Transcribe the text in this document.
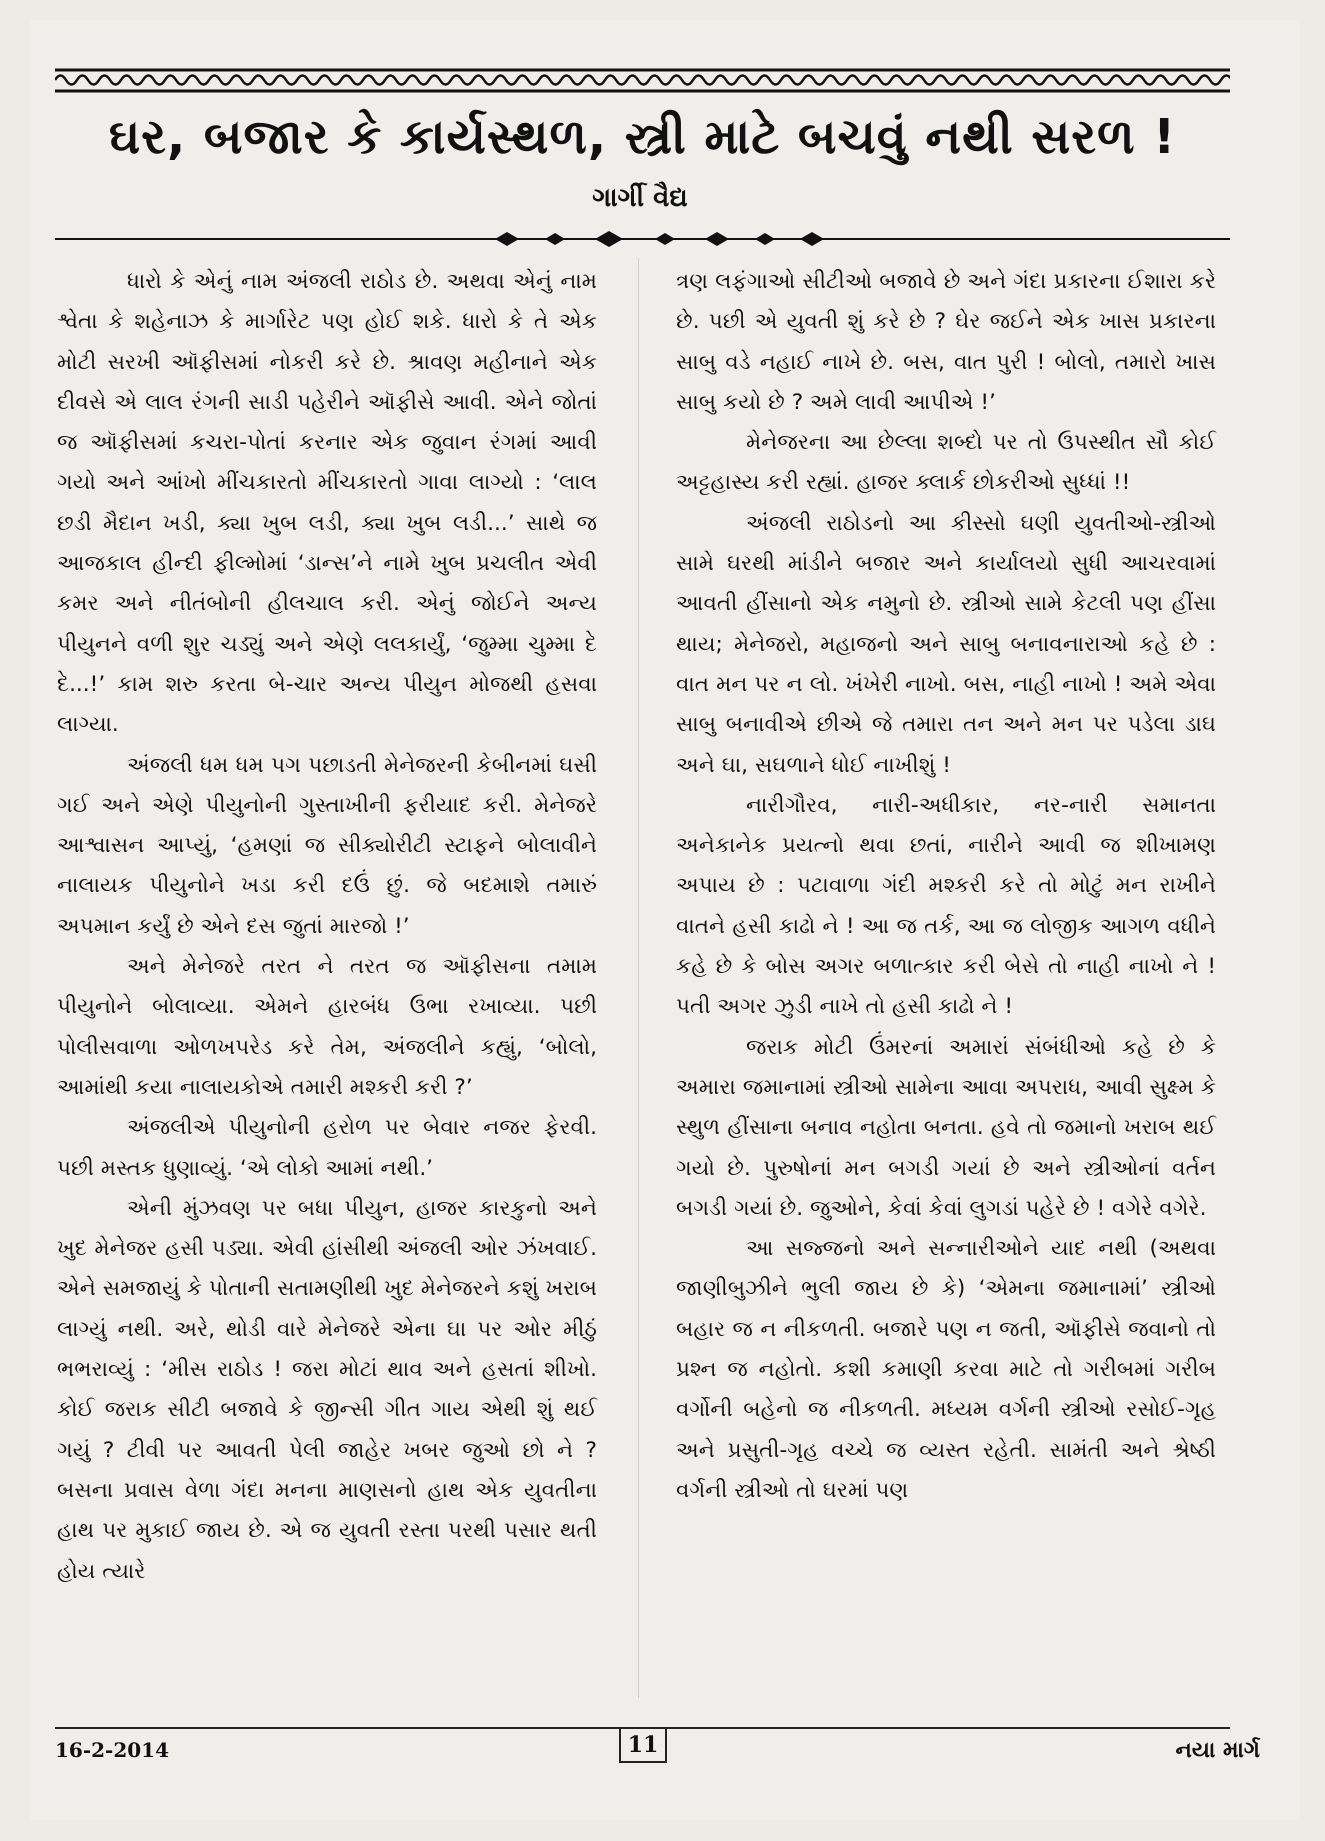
ઘર, બજાર કે કાર્યસ્થળ, સ્ત્રી માટે બચવું નથી સરળ !
ગાર્ગી વૈદ્ય

ધારો કે એનું નામ અંજલી રાઠોડ છે. અથવા એનું નામ શ્વેતા કે શહેનાઝ કે માર્ગારેટ પણ હોઈ શકે. ધારો કે તે એક મોટી સરખી ઑફીસમાં નોકરી કરે છે. શ્રાવણ મહીનાને એક દીવસે એ લાલ રંગની સાડી પહેરીને ઑફીસે આવી. એને જોતાં જ ઑફીસમાં કચરા-પોતાં કરનાર એક જુવાન રંગમાં આવી ગયો અને આંખો મીંચકારતો મીંચકારતો ગાવા લાગ્યો : ‘લાલ છડી મૈદાન ખડી, ક્યા ખુબ લડી, ક્યા ખુબ લડી...’ સાથે જ આજકાલ હીન્દી ફીલ્મોમાં ‘ડાન્સ’ને નામે ખુબ પ્રચલીત એવી કમર અને નીતંબોની હીલચાલ કરી. એનું જોઈને અન્ય પીયુનને વળી શુર ચડ્યું અને એણે લલકાર્યું, ‘જુમ્મા ચુમ્મા દે દે...!’ કામ શરુ કરતા બે-ચાર અન્ય પીયુન મોજથી હસવા લાગ્યા.

અંજલી ધમ ધમ પગ પછાડતી મેનેજરની કેબીનમાં ઘસી ગઈ અને એણે પીયુનોની ગુસ્તાખીની ફરીયાદ કરી. મેનેજરે આશ્વાસન આપ્યું, ‘હમણાં જ સીક્યોરીટી સ્ટાફને બોલાવીને નાલાયક પીયુનોને ખડા કરી દઉં છું. જે બદમાશે તમારું અપમાન કર્યું છે એને દસ જુતાં મારજો !’

અને મેનેજરે તરત ને તરત જ ઑફીસના તમામ પીયુનોને બોલાવ્યા. એમને હારબંધ ઉભા રખાવ્યા. પછી પોલીસવાળા ઓળખપરેડ કરે તેમ, અંજલીને કહ્યું, ‘બોલો, આમાંથી કયા નાલાયકોએ તમારી મશ્કરી કરી ?’

અંજલીએ પીયુનોની હરોળ પર બેવાર નજર ફેરવી. પછી મસ્તક ધુણાવ્યું. ‘એ લોકો આમાં નથી.’

એની મુંઝવણ પર બધા પીયુન, હાજર કારકુનો અને ખુદ મેનેજર હસી પડ્યા. એવી હાંસીથી અંજલી ઓર ઝંખવાઈ. એને સમજાયું કે પોતાની સતામણીથી ખુદ મેનેજરને કશું ખરાબ લાગ્યું નથી. અરે, થોડી વારે મેનેજરે એના ઘા પર ઓર મીઠું ભભરાવ્યું : ‘મીસ રાઠોડ ! જરા મોટાં થાવ અને હસતાં શીખો. કોઈ જરાક સીટી બજાવે કે જીન્સી ગીત ગાય એથી શું થઈ ગયું ? ટીવી પર આવતી પેલી જાહેર ખબર જુઓ છો ને ? બસના પ્રવાસ વેળા ગંદા મનના માણસનો હાથ એક યુવતીના હાથ પર મુકાઈ જાય છે. એ જ યુવતી રસ્તા પરથી પસાર થતી હોય ત્યારે

ત્રણ લફંગાઓ સીટીઓ બજાવે છે અને ગંદા પ્રકારના ઈશારા કરે છે. પછી એ યુવતી શું કરે છે ? ઘેર જઈને એક ખાસ પ્રકારના સાબુ વડે નહાઈ નાખે છે. બસ, વાત પુરી ! બોલો, તમારો ખાસ સાબુ કયો છે ? અમે લાવી આપીએ !’

મેનેજરના આ છેલ્લા શબ્દો પર તો ઉપસ્થીત સૌ કોઈ અટ્ટહાસ્ય કરી રહ્યાં. હાજર ક્લાર્ક છોકરીઓ સુધ્ધાં !!

અંજલી રાઠોડનો આ કીસ્સો ઘણી યુવતીઓ-સ્ત્રીઓ સામે ઘરથી માંડીને બજાર અને કાર્યાલયો સુધી આચરવામાં આવતી હીંસાનો એક નમુનો છે. સ્ત્રીઓ સામે કેટલી પણ હીંસા થાય; મેનેજરો, મહાજનો અને સાબુ બનાવનારાઓ કહે છે : વાત મન પર ન લો. ખંખેરી નાખો. બસ, નાહી નાખો ! અમે એવા સાબુ બનાવીએ છીએ જે તમારા તન અને મન પર પડેલા ડાઘ અને ઘા, સઘળાને ધોઈ નાખીશું !

નારીગૌરવ, નારી-અધીકાર, નર-નારી સમાનતા અનેકાનેક પ્રયત્નો થવા છતાં, નારીને આવી જ શીખામણ અપાય છે : પટાવાળા ગંદી મશ્કરી કરે તો મોટું મન રાખીને વાતને હસી કાઢો ને ! આ જ તર્ક, આ જ લોજીક આગળ વધીને કહે છે કે બોસ અગર બળાત્કાર કરી બેસે તો નાહી નાખો ને ! પતી અગર ઝુડી નાખે તો હસી કાઢો ને !

જરાક મોટી ઉંમરનાં અમારાં સંબંધીઓ કહે છે કે અમારા જમાનામાં સ્ત્રીઓ સામેના આવા અપરાધ, આવી સુક્ષ્મ કે સ્થુળ હીંસાના બનાવ નહોતા બનતા. હવે તો જમાનો ખરાબ થઈ ગયો છે. પુરુષોનાં મન બગડી ગયાં છે અને સ્ત્રીઓનાં વર્તન બગડી ગયાં છે. જુઓને, કેવાં કેવાં લુગડાં પહેરે છે ! વગેરે વગેરે.

આ સજ્જનો અને સન્નારીઓને યાદ નથી (અથવા જાણીબુઝીને ભુલી જાય છે કે) ‘એમના જમાનામાં’ સ્ત્રીઓ બહાર જ ન નીકળતી. બજારે પણ ન જતી, ઑફીસે જવાનો તો પ્રશ્ન જ નહોતો. કશી કમાણી કરવા માટે તો ગરીબમાં ગરીબ વર્ગોની બહેનો જ નીકળતી. મધ્યમ વર્ગની સ્ત્રીઓ રસોઈ-ગૃહ અને પ્રસુતી-ગૃહ વચ્ચે જ વ્યસ્ત રહેતી. સામંતી અને શ્રેષ્ઠી વર્ગની સ્ત્રીઓ તો ઘરમાં પણ

16-2-2014	11	નયા માર્ગ
